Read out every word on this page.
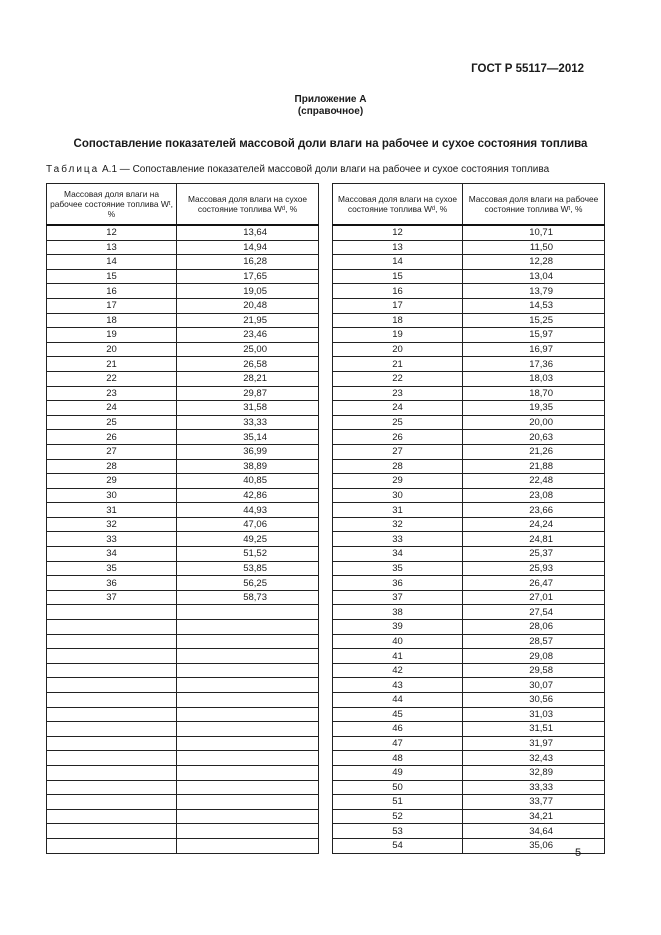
ГОСТ Р 55117—2012
Приложение А
(справочное)
Сопоставление показателей массовой доли влаги на рабочее и сухое состояния топлива
Таблица А.1 — Сопоставление показателей массовой доли влаги на рабочее и сухое состояния топлива
Массовая доля влаги на рабочее состояние топлива Wᵗ, %	Массовая доля влаги на сухое состояние топлива Wᵈ, %
12	13,64
13	14,94
14	16,28
15	17,65
16	19,05
17	20,48
18	21,95
19	23,46
20	25,00
21	26,58
22	28,21
23	29,87
24	31,58
25	33,33
26	35,14
27	36,99
28	38,89
29	40,85
30	42,86
31	44,93
32	47,06
33	49,25
34	51,52
35	53,85
36	56,25
37	58,73

Массовая доля влаги на сухое состояние топлива Wᵈ, %	Массовая доля влаги на рабочее состояние топлива Wᵗ, %
12	10,71
13	11,50
14	12,28
15	13,04
16	13,79
17	14,53
18	15,25
19	15,97
20	16,97
21	17,36
22	18,03
23	18,70
24	19,35
25	20,00
26	20,63
27	21,26
28	21,88
29	22,48
30	23,08
31	23,66
32	24,24
33	24,81
34	25,37
35	25,93
36	26,47
37	27,01
38	27,54
39	28,06
40	28,57
41	29,08
42	29,58
43	30,07
44	30,56
45	31,03
46	31,51
47	31,97
48	32,43
49	32,89
50	33,33
51	33,77
52	34,21
53	34,64
54	35,06
5
